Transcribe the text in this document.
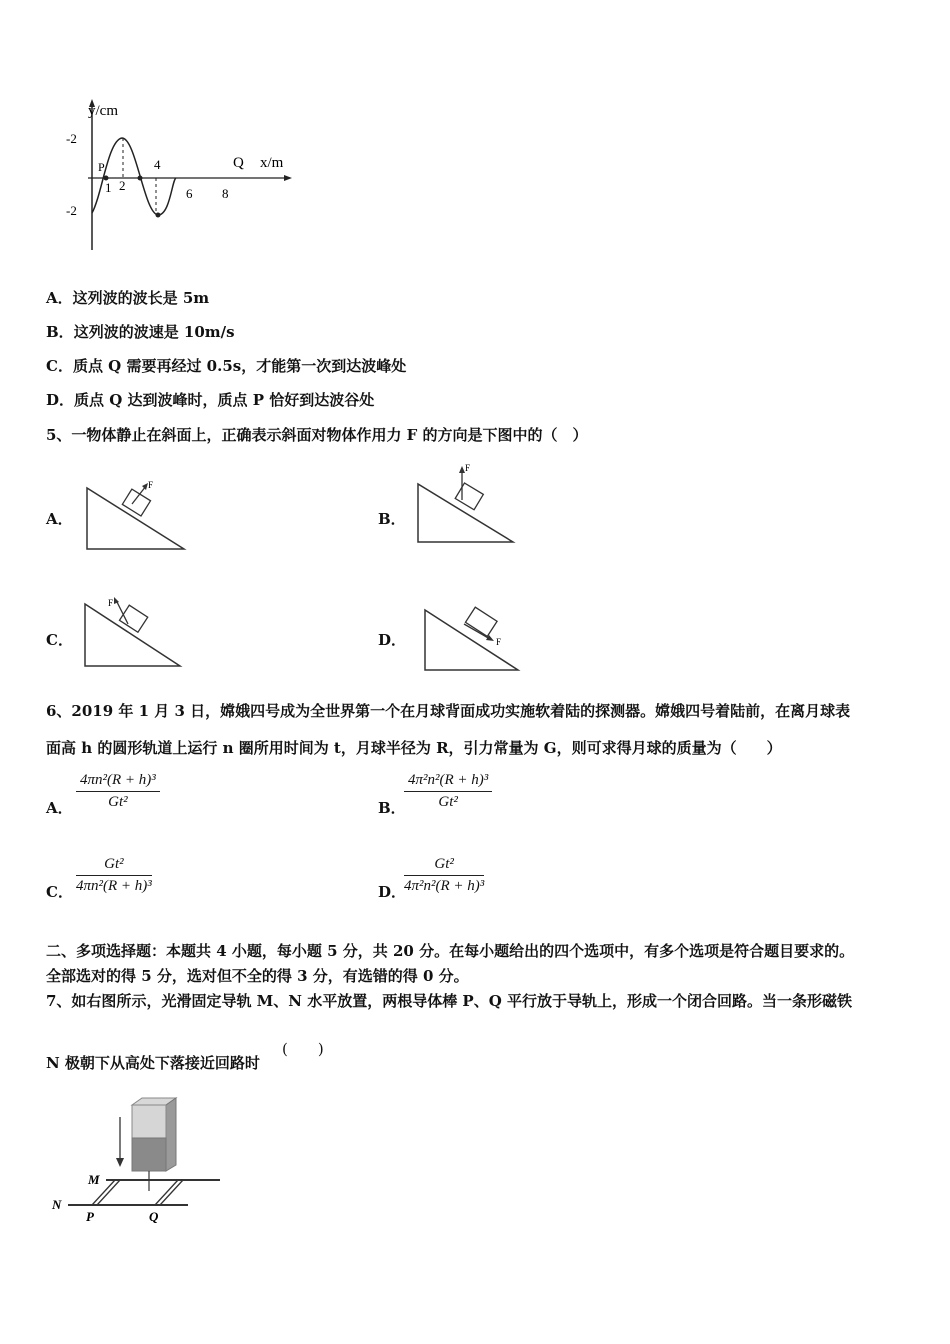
y/cm
x/m
-2
-2
P	Q
1 2
4
6 8
A．这列波的波长是 5m
B．这列波的波速是 10m/s
C．质点 Q 需要再经过 0.5s，才能第一次到达波峰处
D．质点 Q 达到波峰时，质点 P 恰好到达波谷处
5、一物体静止在斜面上，正确表示斜面对物体作用力 F 的方向是下图中的（　）
A．
F
B．
F
C．
F
D．	F
6、2019 年 1 月 3 日，嫦娥四号成为全世界第一个在月球背面成功实施软着陆的探测器。嫦娥四号着陆前，在离月球表
面高 h 的圆形轨道上运行 n 圈所用时间为 t，月球半径为 R，引力常量为 G，则可求得月球的质量为（　　）
A． $\frac{\text{4πn²(R + h)³}}{\text{Gt²}}$	B．
$\frac{\text{4π²n²(R + h)³}}{\text{Gt²}}$
C． $\frac{\text{Gt²}}{\text{4πn²(R + h)³}}$	D．
$\frac{\text{Gt²}}{\text{4π²n²(R + h)³}}$
二、多项选择题：本题共 4 小题，每小题 5 分，共 20 分。在每小题给出的四个选项中，有多个选项是符合题目要求的。
全部选对的得 5 分，选对但不全的得 3 分，有选错的得 0 分。
7、如右图所示，光滑固定导轨 M、N 水平放置，两根导体棒 P、Q 平行放于导轨上，形成一个闭合回路。当一条形磁铁
N 极朝下从高处下落接近回路时
(　　)
M
N
P	Q
